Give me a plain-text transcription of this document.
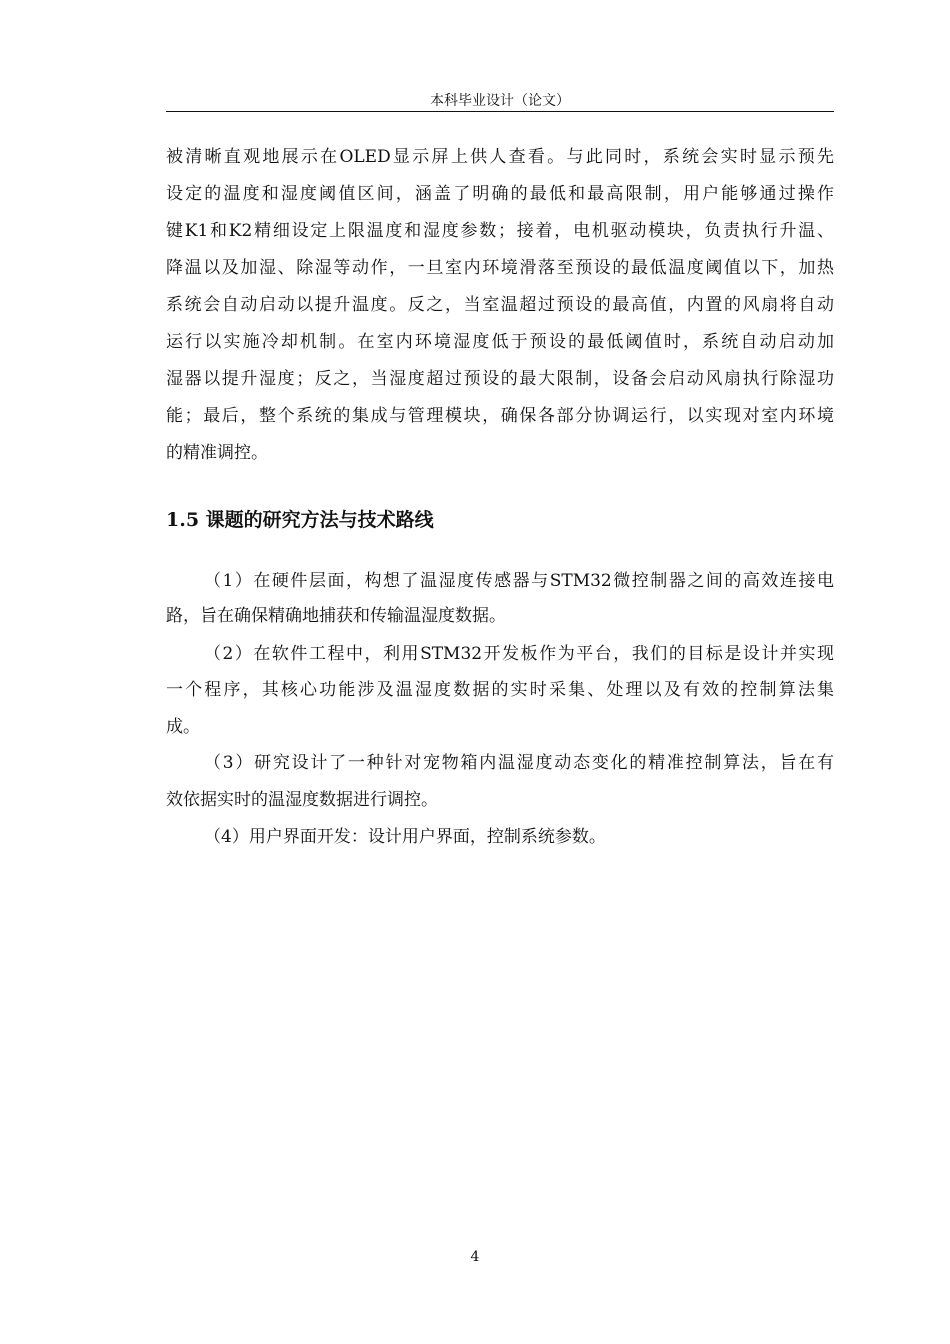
本科毕业设计（论文）
被清晰直观地展示在OLED显示屏上供人查看。与此同时，系统会实时显示预先
设定的温度和湿度阈值区间，涵盖了明确的最低和最高限制，用户能够通过操作
键K1和K2精细设定上限温度和湿度参数；接着，电机驱动模块，负责执行升温、
降温以及加湿、除湿等动作，一旦室内环境滑落至预设的最低温度阈值以下，加热
系统会自动启动以提升温度。反之，当室温超过预设的最高值，内置的风扇将自动
运行以实施冷却机制。在室内环境湿度低于预设的最低阈值时，系统自动启动加
湿器以提升湿度；反之，当湿度超过预设的最大限制，设备会启动风扇执行除湿功
能；最后，整个系统的集成与管理模块，确保各部分协调运行，以实现对室内环境
的精准调控。
1.5 课题的研究方法与技术路线
（1）在硬件层面，构想了温湿度传感器与STM32微控制器之间的高效连接电
路，旨在确保精确地捕获和传输温湿度数据。
（2）在软件工程中，利用STM32开发板作为平台，我们的目标是设计并实现
一个程序，其核心功能涉及温湿度数据的实时采集、处理以及有效的控制算法集
成。
（3）研究设计了一种针对宠物箱内温湿度动态变化的精准控制算法，旨在有
效依据实时的温湿度数据进行调控。
（4）用户界面开发：设计用户界面，控制系统参数。
4
